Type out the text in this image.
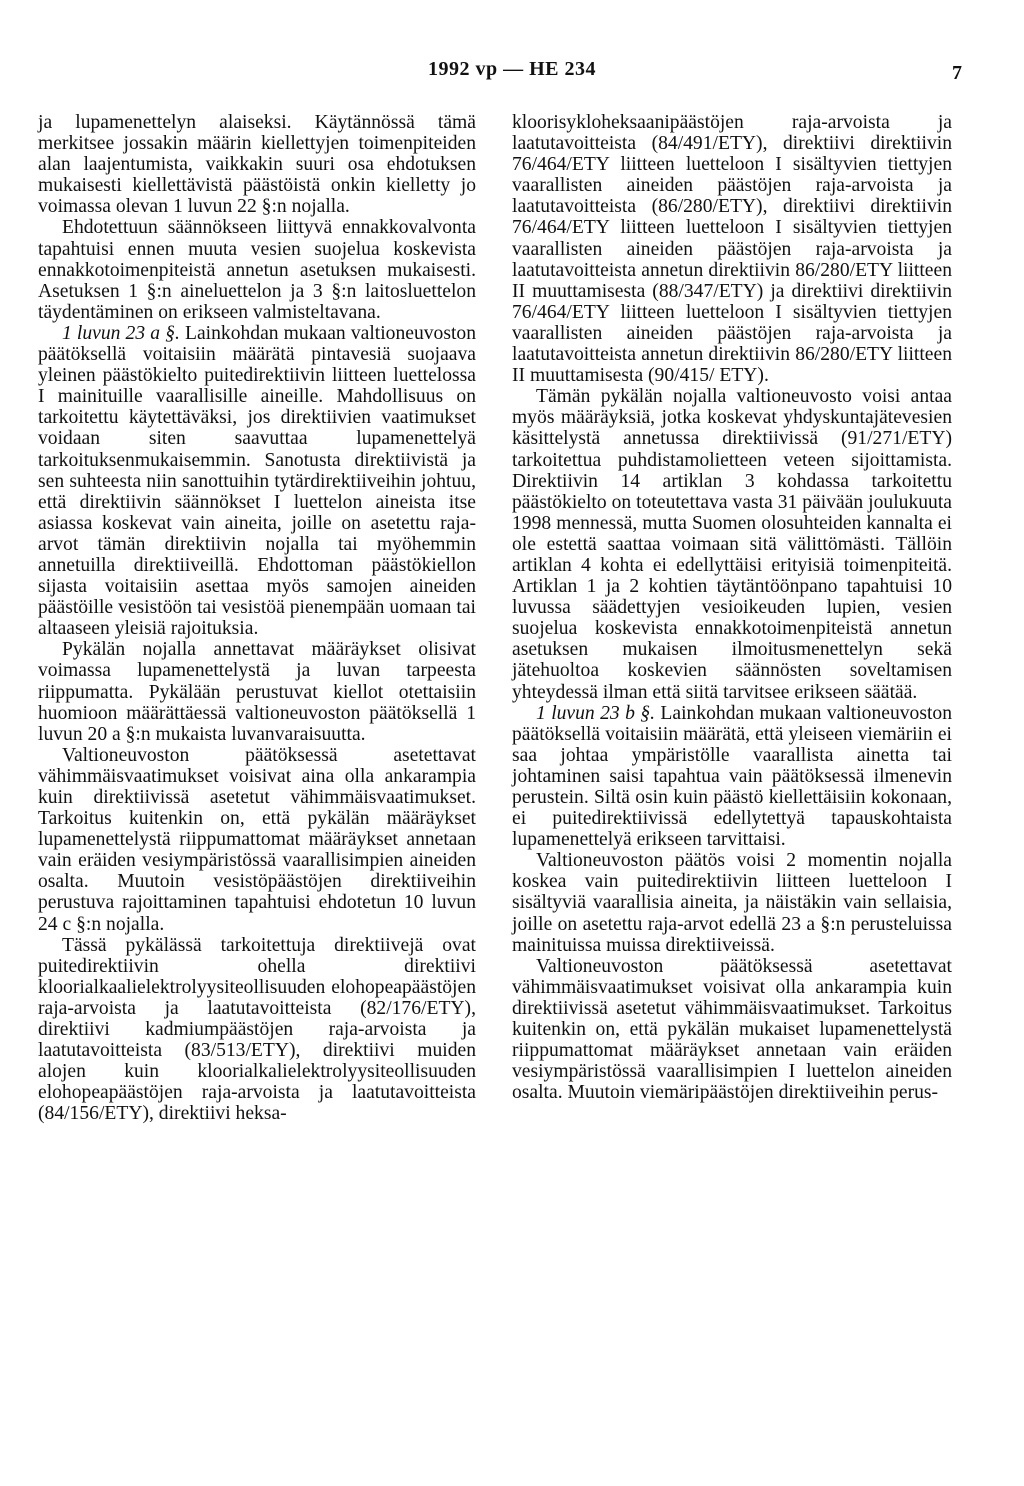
1992 vp — HE 234	7

ja lupamenettelyn alaiseksi. Käytännössä tämä merkitsee jossakin määrin kiellettyjen toimenpiteiden alan laajentumista, vaikkakin suuri osa ehdotuksen mukaisesti kiellettävistä päästöistä onkin kielletty jo voimassa olevan 1 luvun 22 §:n nojalla.

Ehdotettuun säännökseen liittyvä ennakkovalvonta tapahtuisi ennen muuta vesien suojelua koskevista ennakkotoimenpiteistä annetun asetuksen mukaisesti. Asetuksen 1 §:n aineluettelon ja 3 §:n laitosluettelon täydentäminen on erikseen valmisteltavana.

1 luvun 23 a §. Lainkohdan mukaan valtioneuvoston päätöksellä voitaisiin määrätä pintavesiä suojaava yleinen päästökielto puitedirektiivin liitteen luettelossa I mainituille vaarallisille aineille. Mahdollisuus on tarkoitettu käytettäväksi, jos direktiivien vaatimukset voidaan siten saavuttaa lupamenettelyä tarkoituksenmukaisemmin. Sanotusta direktiivistä ja sen suhteesta niin sanottuihin tytärdirektiiveihin johtuu, että direktiivin säännökset I luettelon aineista itse asiassa koskevat vain aineita, joille on asetettu raja-arvot tämän direktiivin nojalla tai myöhemmin annetuilla direktiiveillä. Ehdottoman päästökiellon sijasta voitaisiin asettaa myös samojen aineiden päästöille vesistöön tai vesistöä pienempään uomaan tai altaaseen yleisiä rajoituksia.

Pykälän nojalla annettavat määräykset olisivat voimassa lupamenettelystä ja luvan tarpeesta riippumatta. Pykälään perustuvat kiellot otettaisiin huomioon määrättäessä valtioneuvoston päätöksellä 1 luvun 20 a §:n mukaista luvanvaraisuutta.

Valtioneuvoston päätöksessä asetettavat vähimmäisvaatimukset voisivat aina olla ankarampia kuin direktiivissä asetetut vähimmäisvaatimukset. Tarkoitus kuitenkin on, että pykälän määräykset lupamenettelystä riippumattomat määräykset annetaan vain eräiden vesiympäristössä vaarallisimpien aineiden osalta. Muutoin vesistöpäästöjen direktiiveihin perustuva rajoittaminen tapahtuisi ehdotetun 10 luvun 24 c §:n nojalla.

Tässä pykälässä tarkoitettuja direktiivejä ovat puitedirektiivin ohella direktiivi kloorialkaalielektrolyysiteollisuuden elohopeapäästöjen raja-arvoista ja laatutavoitteista (82/176/ETY), direktiivi kadmiumpäästöjen raja-arvoista ja laatutavoitteista (83/513/ETY), direktiivi muiden alojen kuin kloorialkalielektrolyysiteollisuuden elohopeapäästöjen raja-arvoista ja laatutavoitteista (84/156/ETY), direktiivi heksa-

kloorisykloheksaanipäästöjen raja-arvoista ja laatutavoitteista (84/491/ETY), direktiivi direktiivin 76/464/ETY liitteen luetteloon I sisältyvien tiettyjen vaarallisten aineiden päästöjen raja-arvoista ja laatutavoitteista (86/280/ETY), direktiivi direktiivin 76/464/ETY liitteen luetteloon I sisältyvien tiettyjen vaarallisten aineiden päästöjen raja-arvoista ja laatutavoitteista annetun direktiivin 86/280/ETY liitteen II muuttamisesta (88/347/ETY) ja direktiivi direktiivin 76/464/ETY liitteen luetteloon I sisältyvien tiettyjen vaarallisten aineiden päästöjen raja-arvoista ja laatutavoitteista annetun direktiivin 86/280/ETY liitteen II muuttamisesta (90/415/ ETY).

Tämän pykälän nojalla valtioneuvosto voisi antaa myös määräyksiä, jotka koskevat yhdyskuntajätevesien käsittelystä annetussa direktiivissä (91/271/ETY) tarkoitettua puhdistamolietteen veteen sijoittamista. Direktiivin 14 artiklan 3 kohdassa tarkoitettu päästökielto on toteutettava vasta 31 päivään joulukuuta 1998 mennessä, mutta Suomen olosuhteiden kannalta ei ole estettä saattaa voimaan sitä välittömästi. Tällöin artiklan 4 kohta ei edellyttäisi erityisiä toimenpiteitä. Artiklan 1 ja 2 kohtien täytäntöönpano tapahtuisi 10 luvussa säädettyjen vesioikeuden lupien, vesien suojelua koskevista ennakkotoimenpiteistä annetun asetuksen mukaisen ilmoitusmenettelyn sekä jätehuoltoa koskevien säännösten soveltamisen yhteydessä ilman että siitä tarvitsee erikseen säätää.

1 luvun 23 b §. Lainkohdan mukaan valtioneuvoston päätöksellä voitaisiin määrätä, että yleiseen viemäriin ei saa johtaa ympäristölle vaarallista ainetta tai johtaminen saisi tapahtua vain päätöksessä ilmenevin perustein. Siltä osin kuin päästö kiellettäisiin kokonaan, ei puitedirektiivissä edellytettyä tapauskohtaista lupamenettelyä erikseen tarvittaisi.

Valtioneuvoston päätös voisi 2 momentin nojalla koskea vain puitedirektiivin liitteen luetteloon I sisältyviä vaarallisia aineita, ja näistäkin vain sellaisia, joille on asetettu raja-arvot edellä 23 a §:n perusteluissa mainituissa muissa direktiiveissä.

Valtioneuvoston päätöksessä asetettavat vähimmäisvaatimukset voisivat olla ankarampia kuin direktiivissä asetetut vähimmäisvaatimukset. Tarkoitus kuitenkin on, että pykälän mukaiset lupamenettelystä riippumattomat määräykset annetaan vain eräiden vesiympäristössä vaarallisimpien I luettelon aineiden osalta. Muutoin viemäripäästöjen direktiiveihin perus-
